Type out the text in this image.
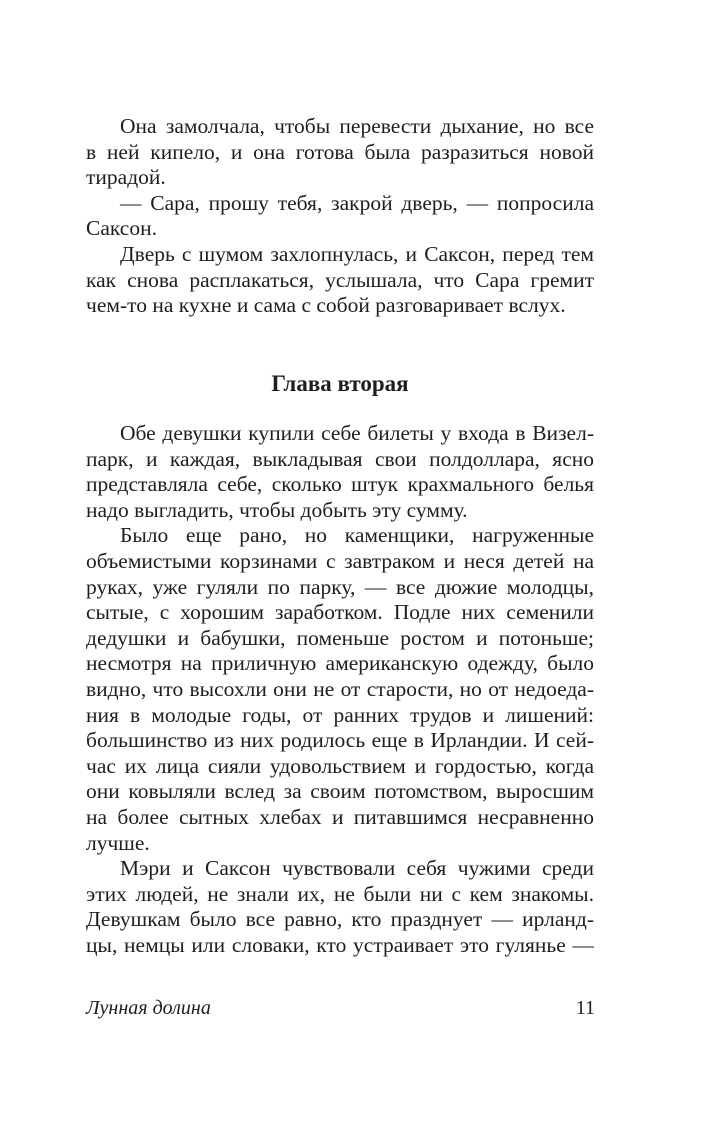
Она замолчала, чтобы перевести дыхание, но все
в ней кипело, и она готова была разразиться новой
тирадой.
— Сара, прошу тебя, закрой дверь, — попросила
Саксон.
Дверь с шумом захлопнулась, и Саксон, перед тем
как снова расплакаться, услышала, что Сара гремит
чем-то на кухне и сама с собой разговаривает вслух.
Глава вторая
Обе девушки купили себе билеты у входа в Визел-
парк, и каждая, выкладывая свои полдоллара, ясно
представляла себе, сколько штук крахмального белья
надо выгладить, чтобы добыть эту сумму.
Было еще рано, но каменщики, нагруженные
объемистыми корзинами с завтраком и неся детей на
руках, уже гуляли по парку, — все дюжие молодцы,
сытые, с хорошим заработком. Подле них семенили
дедушки и бабушки, поменьше ростом и потоньше;
несмотря на приличную американскую одежду, было
видно, что высохли они не от старости, но от недоеда-
ния в молодые годы, от ранних трудов и лишений:
большинство из них родилось еще в Ирландии. И сей-
час их лица сияли удовольствием и гордостью, когда
они ковыляли вслед за своим потомством, выросшим
на более сытных хлебах и питавшимся несравненно
лучше.
Мэри и Саксон чувствовали себя чужими среди
этих людей, не знали их, не были ни с кем знакомы.
Девушкам было все равно, кто празднует — ирланд-
цы, немцы или словаки, кто устраивает это гулянье —
Лунная долина	11
